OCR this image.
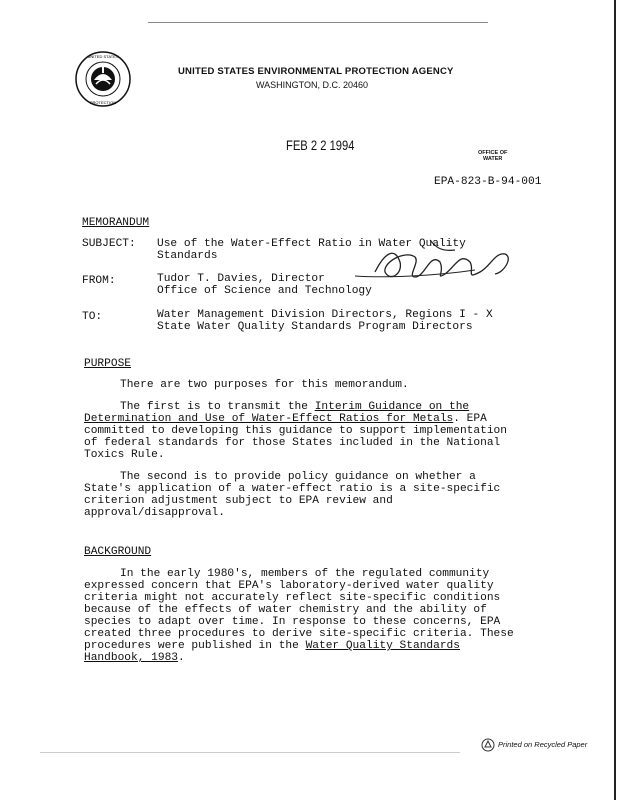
UNITED STATES
PROTECTION
UNITED STATES ENVIRONMENTAL PROTECTION AGENCY
WASHINGTON, D.C. 20460
FEB 2 2 1994	OFFICE OF
WATER
EPA-823-B-94-001
MEMORANDUM
SUBJECT: Use of the Water-Effect Ratio in Water Quality
Standards
FROM:	Tudor T. Davies, Director
Office of Science and Technology
TO:	Water Management Division Directors, Regions I - X
State Water Quality Standards Program Directors
PURPOSE
There are two purposes for this memorandum.
The first is to transmit the Interim Guidance on the
Determination and Use of Water-Effect Ratios for Metals. EPA
committed to developing this guidance to support implementation
of federal standards for those States included in the National
Toxics Rule.
The second is to provide policy guidance on whether a
State's application of a water-effect ratio is a site-specific
criterion adjustment subject to EPA review and
approval/disapproval.
BACKGROUND
In the early 1980's, members of the regulated community
expressed concern that EPA's laboratory-derived water quality
criteria might not accurately reflect site-specific conditions
because of the effects of water chemistry and the ability of
species to adapt over time. In response to these concerns, EPA
created three procedures to derive site-specific criteria. These
procedures were published in the Water Quality Standards
Handbook, 1983.
Printed on Recycled Paper
